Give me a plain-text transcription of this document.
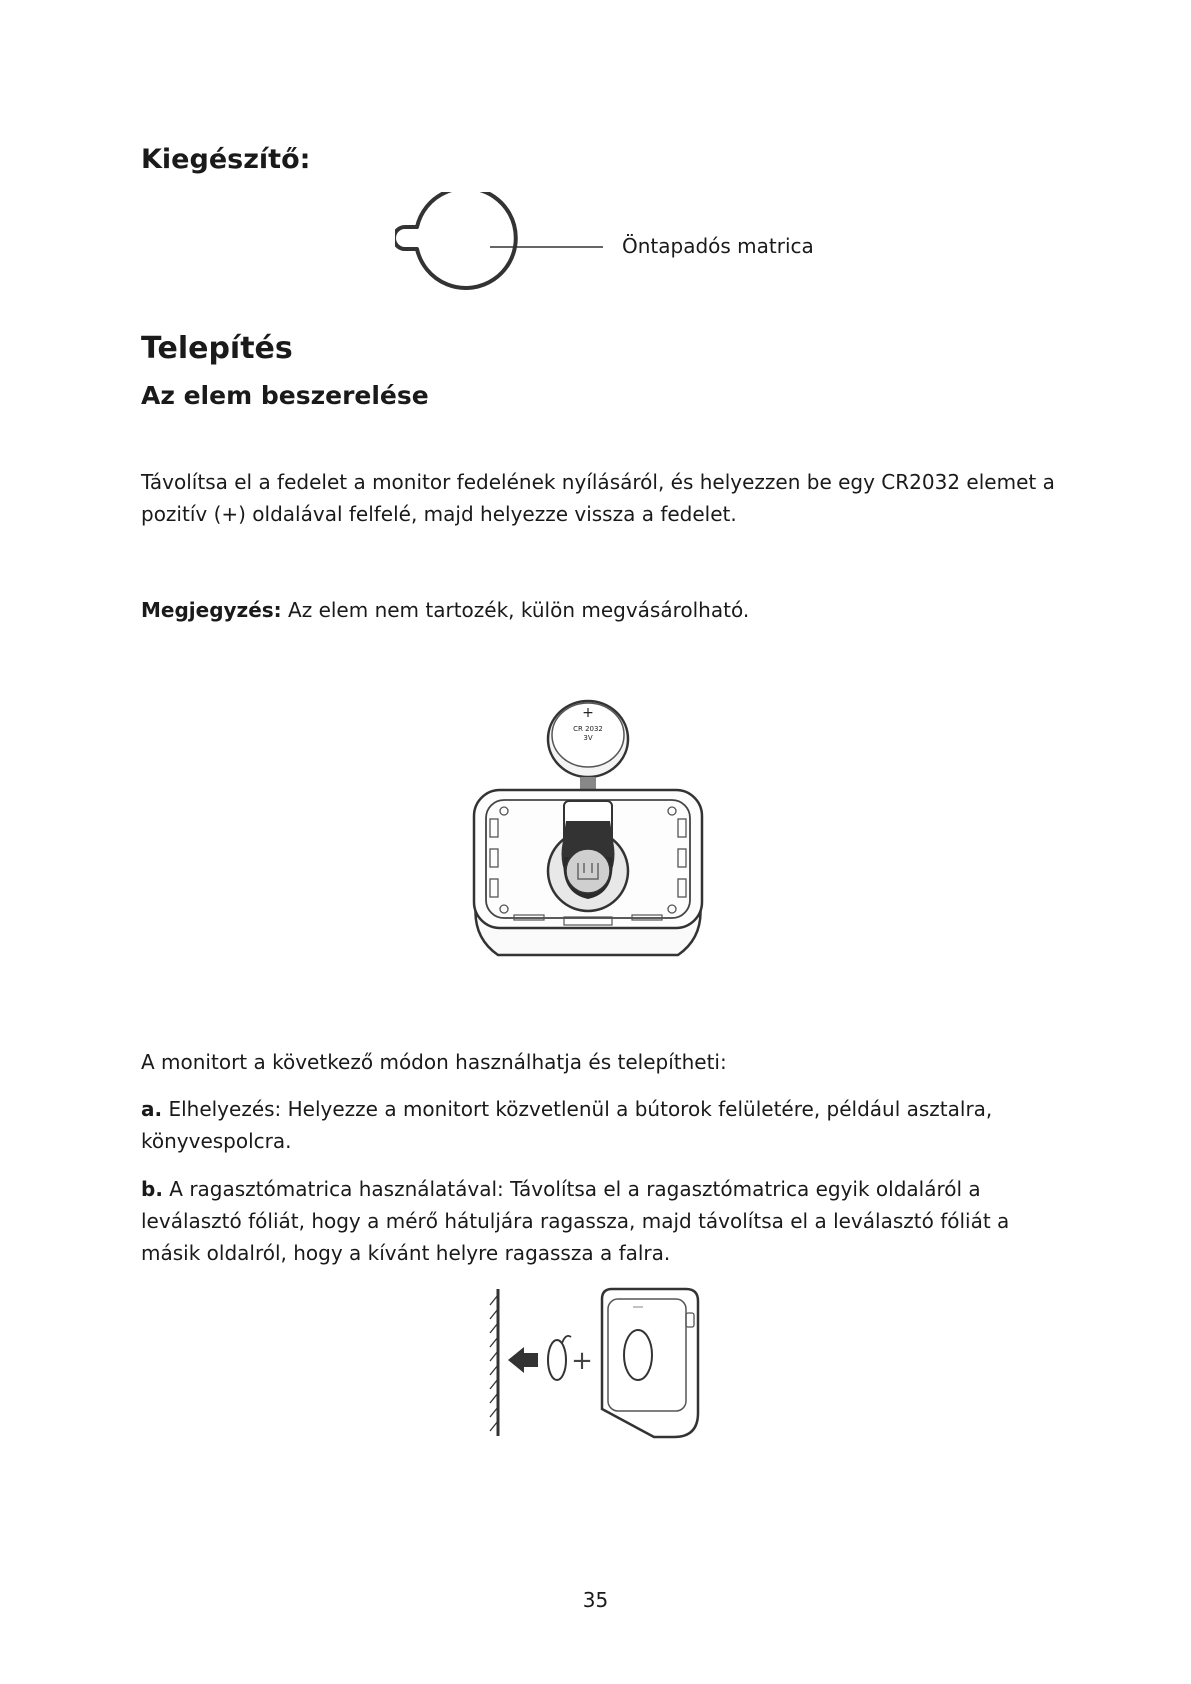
Kiegészítő:
Öntapadós matrica
Telepítés
Az elem beszerelése
Távolítsa el a fedelet a monitor fedelének nyílásáról, és helyezzen be egy CR2032 elemet a pozitív (+) oldalával felfelé, majd helyezze vissza a fedelet.
Megjegyzés: Az elem nem tartozék, külön megvásárolható.
+
CR 2032
3V
A monitort a következő módon használhatja és telepítheti:
a. Elhelyezés: Helyezze a monitort közvetlenül a bútorok felületére, például asztalra, könyvespolcra.
b. A ragasztómatrica használatával: Távolítsa el a ragasztómatrica egyik oldaláról a leválasztó fóliát, hogy a mérő hátuljára ragassza, majd távolítsa el a leválasztó fóliát a másik oldalról, hogy a kívánt helyre ragassza a falra.
+
35
